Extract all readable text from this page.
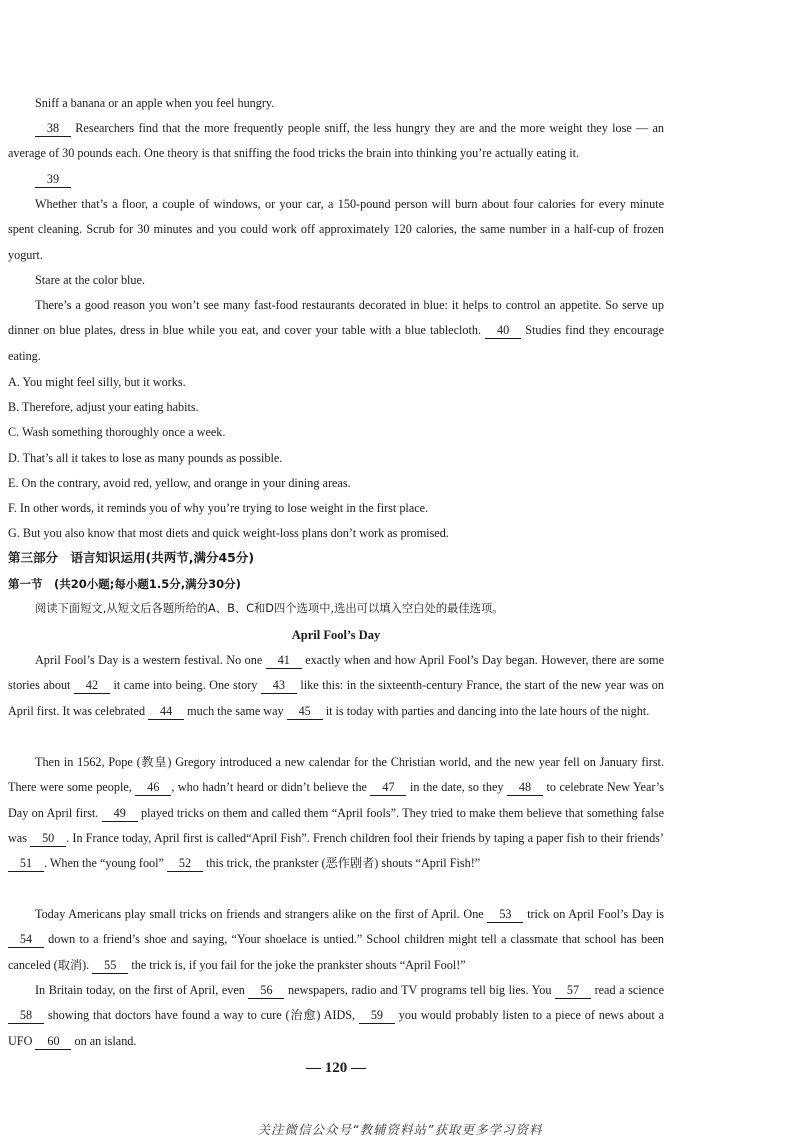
Sniff a banana or an apple when you feel hungry.

38 Researchers find that the more frequently people sniff, the less hungry they are and the more weight they lose — an average of 30 pounds each. One theory is that sniffing the food tricks the brain into thinking you’re actually eating it.

39

Whether that’s a floor, a couple of windows, or your car, a 150-pound person will burn about four calories for every minute spent cleaning. Scrub for 30 minutes and you could work off approximately 120 calories, the same number in a half-cup of frozen yogurt.

Stare at the color blue.

There’s a good reason you won’t see many fast-food restaurants decorated in blue: it helps to control an appetite. So serve up dinner on blue plates, dress in blue while you eat, and cover your table with a blue tablecloth. 40 Studies find they encourage eating.

A. You might feel silly, but it works.

B. Therefore, adjust your eating habits.

C. Wash something thoroughly once a week.

D. That’s all it takes to lose as many pounds as possible.

E. On the contrary, avoid red, yellow, and orange in your dining areas.

F. In other words, it reminds you of why you’re trying to lose weight in the first place.

G. But you also know that most diets and quick weight-loss plans don’t work as promised.

第三部分　语言知识运用(共两节,满分45分)

第一节　(共20小题;每小题1.5分,满分30分)

阅读下面短文,从短文后各题所给的A、B、C和D四个选项中,选出可以填入空白处的最佳选项。

April Fool’s Day

April Fool’s Day is a western festival. No one 41 exactly when and how April Fool’s Day began. However, there are some stories about 42 it came into being. One story 43 like this: in the sixteenth-century France, the start of the new year was on April first. It was celebrated 44 much the same way 45 it is today with parties and dancing into the late hours of the night.

Then in 1562, Pope (教皇) Gregory introduced a new calendar for the Christian world, and the new year fell on January first. There were some people, 46 , who hadn’t heard or didn’t believe the 47 in the date, so they 48 to celebrate New Year’s Day on April first. 49 played tricks on them and called them “April fools”. They tried to make them believe that something false was 50 . In France today, April first is called“April Fish”. French children fool their friends by taping a paper fish to their friends’ 51 . When the “young fool” 52 this trick, the prankster (恶作剧者) shouts “April Fish!”

Today Americans play small tricks on friends and strangers alike on the first of April. One 53 trick on April Fool’s Day is 54 down to a friend’s shoe and saying, “Your shoelace is untied.” School children might tell a classmate that school has been canceled (取消). 55 the trick is, if you fail for the joke the prankster shouts “April Fool!”

In Britain today, on the first of April, even 56 newspapers, radio and TV programs tell big lies. You 57 read a science 58 showing that doctors have found a way to cure (治愈) AIDS, 59 you would probably listen to a piece of news about a UFO 60 on an island.

— 120 —
关注微信公众号“教辅资料站”获取更多学习资料
